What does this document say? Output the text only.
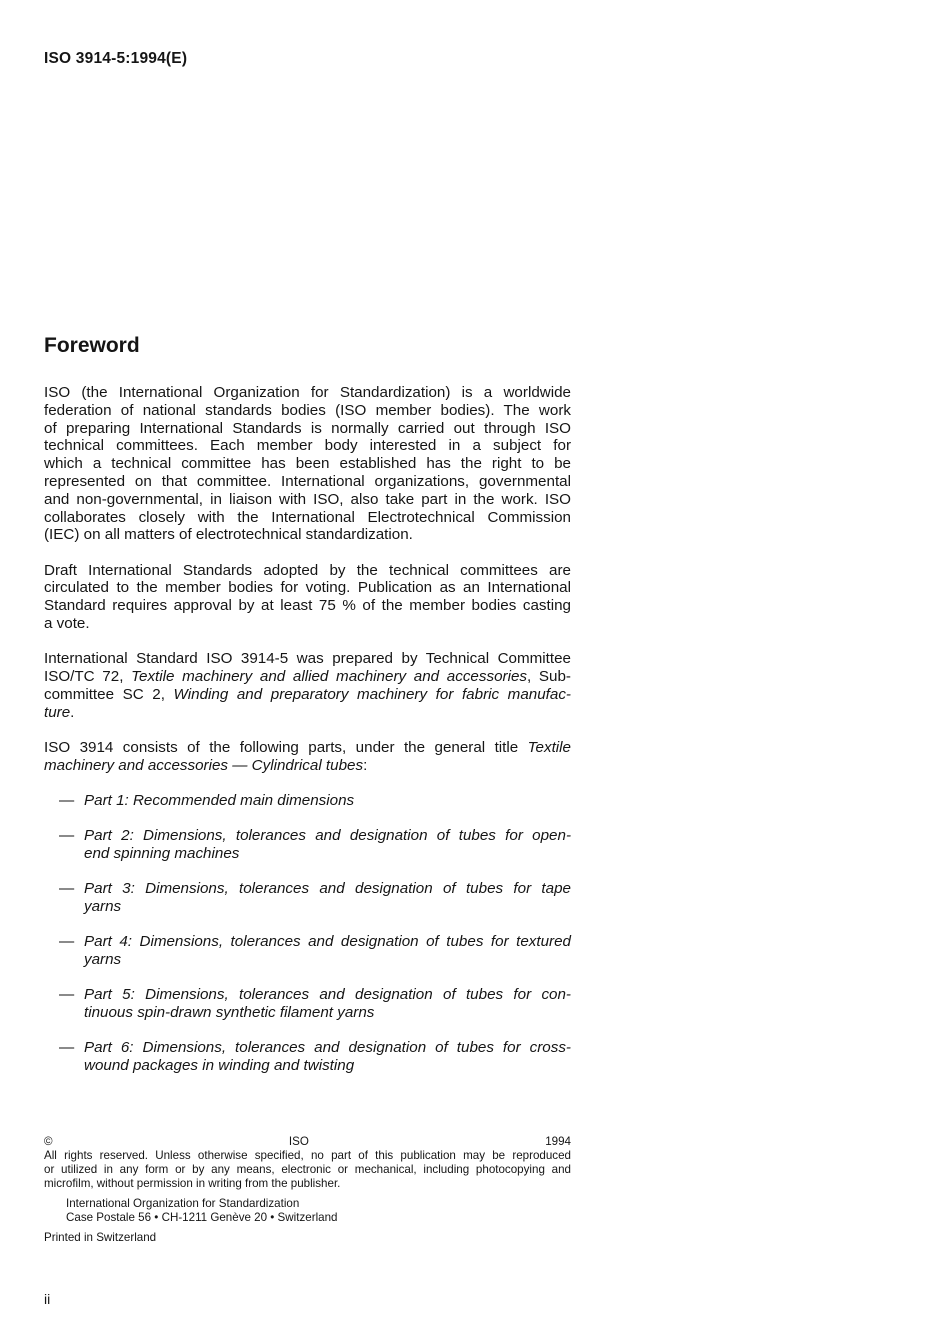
ISO 3914-5:1994(E)
Foreword
ISO (the International Organization for Standardization) is a worldwide
federation of national standards bodies (ISO member bodies). The work
of preparing International Standards is normally carried out through ISO
technical committees. Each member body interested in a subject for
which a technical committee has been established has the right to be
represented on that committee. International organizations, governmental
and non-governmental, in liaison with ISO, also take part in the work. ISO
collaborates closely with the International Electrotechnical Commission
(IEC) on all matters of electrotechnical standardization.
Draft International Standards adopted by the technical committees are
circulated to the member bodies for voting. Publication as an International
Standard requires approval by at least 75 % of the member bodies casting
a vote.
International Standard ISO 3914-5 was prepared by Technical Committee
ISO/TC 72, Textile machinery and allied machinery and accessories, Sub-
committee SC 2, Winding and preparatory machinery for fabric manufac-
ture.
ISO 3914 consists of the following parts, under the general title Textile
machinery and accessories — Cylindrical tubes:
— Part 1: Recommended main dimensions
— Part 2: Dimensions, tolerances and designation of tubes for open-
end spinning machines
— Part 3: Dimensions, tolerances and designation of tubes for tape
yarns
— Part 4: Dimensions, tolerances and designation of tubes for textured
yarns
— Part 5: Dimensions, tolerances and designation of tubes for con-
tinuous spin-drawn synthetic filament yarns
— Part 6: Dimensions, tolerances and designation of tubes for cross-
wound packages in winding and twisting
© ISO 1994
All rights reserved. Unless otherwise specified, no part of this publication may be reproduced
or utilized in any form or by any means, electronic or mechanical, including photocopying and
microfilm, without permission in writing from the publisher.
International Organization for Standardization
Case Postale 56 • CH-1211 Genève 20 • Switzerland
Printed in Switzerland
ii
